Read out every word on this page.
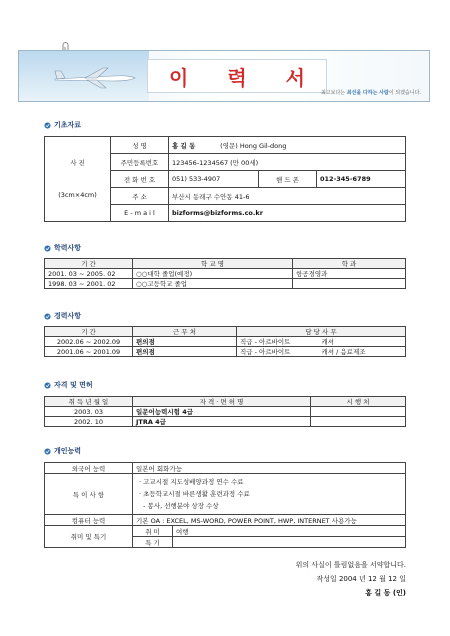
이 력 서
최고보다는 최선을 다하는 사람이 되겠습니다.
기초자료
사 진

(3cm×4cm)	성 명	홍 길 동 (영문) Hong Gil-dong		
	주민등록번호	123456-1234567 (만 00세)		
	전 화 번 호	051) 533-4907	핸 드 폰	012-345-6789
	주 소	부산시 동래구 수안동 41-6		
	E - m a i l	bizforms@bizforms.co.kr		
학력사항
기 간	학 교 명	학 과
2001. 03 ~ 2005. 02	○○대학 졸업(예정)	항공경영과
1998. 03 ~ 2001. 02	○○고등학교 졸업	
경력사항
기 간	근 무 처	담 당 사 무	
2002.06 ~ 2002.09	편의점	직급 - 아르바이트	캐셔
2001.06 ~ 2001.09	편의점	직급 - 아르바이트	캐셔 / 음료제조
자격 및 면허
취 득 년 월 일	자 격 · 면 허 명	시 행 처
2003. 03	일문어능력시험 4급	
2002. 10	JTRA 4급	
개인능력
외국어 능력	일본어 회화가능	
특 이 사 항	· 고교시절 지도성배양과정 연수 수료
· 초등학교시절 바른생활 훈련과정 수료
- 봉사, 선행분야 상장 수상	

컴퓨터 능력	기본 OA : EXCEL, MS-WORD, POWER POINT, HWP, INTERNET 사용가능	
취미 및 특기	취 미	여행
	특 기	
위의 사실이 틀림없음을 서약합니다.
작성일 2004 년 12 월 12 일
홍 길 동 (인)
